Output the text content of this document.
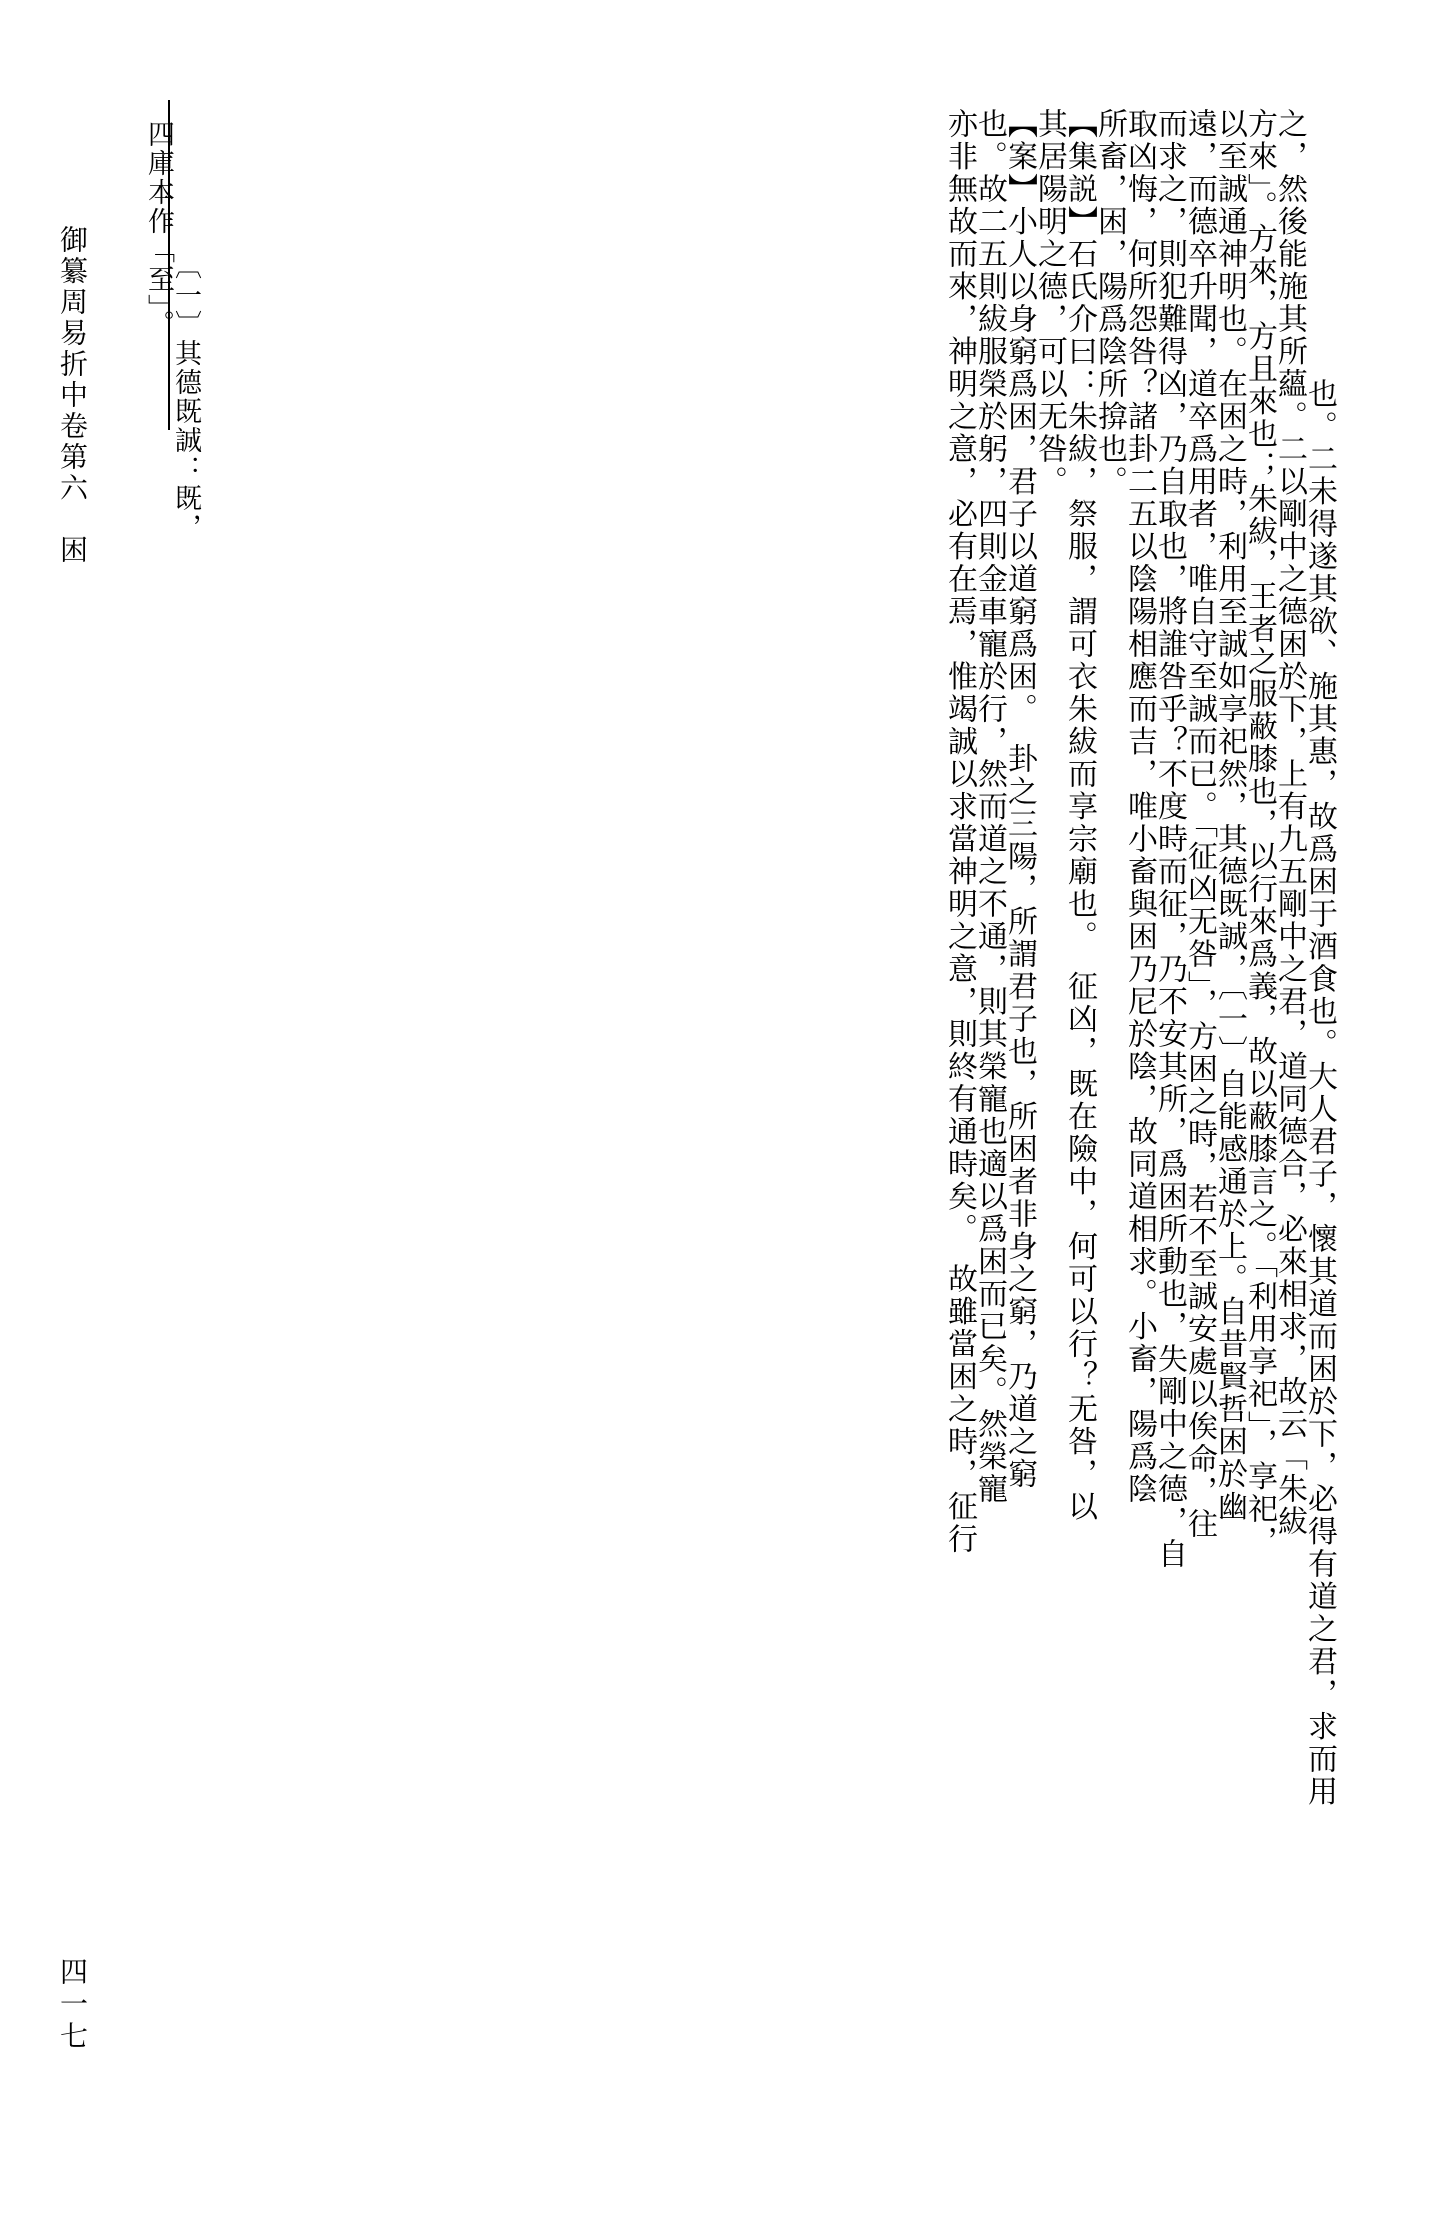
也。二未得遂其欲、施其惠，故爲困于酒食也。大人君子，懷其道而困於下，必得有道之君，求而用

之，然後能施其所蘊。二以剛中之德困於下，上有九五剛中之君，道同德合，必來相求，故云「朱紱

方來」。方來，方且來也；朱紱，王者之服蔽膝也，以行來爲義，故以蔽膝言之。「利用享祀」，享祀，

以至誠通神明也。在困之時，利用至誠如享祀然，其德既誠，〔一〕自能感通於上。自昔賢哲困於幽

遠，而德卒升聞，道卒爲用者，唯自守至誠而已。「征凶无咎」，方困之時，若不至誠安處以俟命，往

而求之，則犯難得凶，乃自取也，將誰咎乎？不度時而征，乃不安其所，爲困所動也，失剛中之德，自

取凶悔，何所怨咎？諸卦二五以陰陽相應而吉，唯小畜與困乃尼於陰，故同道相求。小畜，陽爲陰

所畜，困，陽爲陰所揜也。

【集説】石氏介曰：朱紱，祭服，謂可衣朱紱而享宗廟也。　征凶，既在險中，何可以行？无咎，以

其居陽明之德，可以无咎。

【案】小人以身窮爲困，君子以道窮爲困。　卦之三陽，所謂君子也，所困者非身之窮，乃道之窮

也。故二五則紱服榮於躬，四則金車寵於行，然而道之不通，則其榮寵也適以爲困而已矣。然榮寵

亦非無故而來，神明之意，必有在焉，惟竭誠以求當神明之意，則終有通時矣。　故雖當困之時，征行

〔一〕其德既誠：既，四庫本作「至」。

御纂周易折中卷第六　困
四一七
